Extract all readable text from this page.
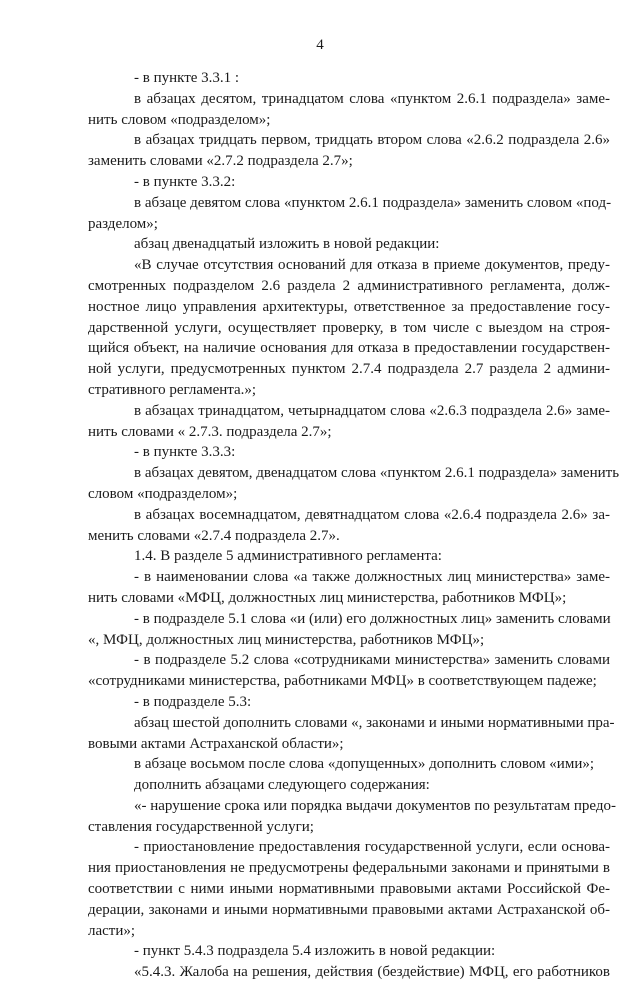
4
- в пункте 3.3.1 :
в абзацах десятом, тринадцатом слова «пунктом 2.6.1 подраздела» заме-
нить словом «подразделом»;
в абзацах тридцать первом, тридцать втором слова «2.6.2 подраздела 2.6»
заменить словами «2.7.2 подраздела 2.7»;
- в пункте 3.3.2:
в абзаце девятом слова «пунктом 2.6.1 подраздела» заменить словом «под-
разделом»;
абзац двенадцатый изложить в новой редакции:
«В случае отсутствия оснований для отказа в приеме документов, преду-
смотренных подразделом 2.6 раздела 2 административного регламента, долж-
ностное лицо управления архитектуры, ответственное за предоставление госу-
дарственной услуги, осуществляет проверку, в том числе с выездом на строя-
щийся объект, на наличие основания для отказа в предоставлении государствен-
ной услуги, предусмотренных пунктом 2.7.4 подраздела 2.7 раздела 2 админи-
стративного регламента.»;
в абзацах тринадцатом, четырнадцатом слова «2.6.3 подраздела 2.6» заме-
нить словами « 2.7.3. подраздела 2.7»;
- в пункте 3.3.3:
в абзацах девятом, двенадцатом слова «пунктом 2.6.1 подраздела» заменить
словом «подразделом»;
в абзацах восемнадцатом, девятнадцатом слова «2.6.4 подраздела 2.6» за-
менить словами «2.7.4 подраздела 2.7».
1.4. В разделе 5 административного регламента:
- в наименовании слова «а также должностных лиц министерства» заме-
нить словами «МФЦ, должностных лиц министерства, работников МФЦ»;
- в подразделе 5.1 слова «и (или) его должностных лиц» заменить словами
«, МФЦ, должностных лиц министерства, работников МФЦ»;
- в подразделе 5.2 слова «сотрудниками министерства» заменить словами
«сотрудниками министерства, работниками МФЦ» в соответствующем падеже;
- в подразделе 5.3:
абзац шестой дополнить словами «, законами и иными нормативными пра-
вовыми актами Астраханской области»;
в абзаце восьмом после слова «допущенных» дополнить словом «ими»;
дополнить абзацами следующего содержания:
«- нарушение срока или порядка выдачи документов по результатам предо-
ставления государственной услуги;
- приостановление предоставления государственной услуги, если основа-
ния приостановления не предусмотрены федеральными законами и принятыми в
соответствии с ними иными нормативными правовыми актами Российской Фе-
дерации, законами и иными нормативными правовыми актами Астраханской об-
ласти»;
- пункт 5.4.3 подраздела 5.4 изложить в новой редакции:
«5.4.3. Жалоба на решения, действия (бездействие) МФЦ, его работников
